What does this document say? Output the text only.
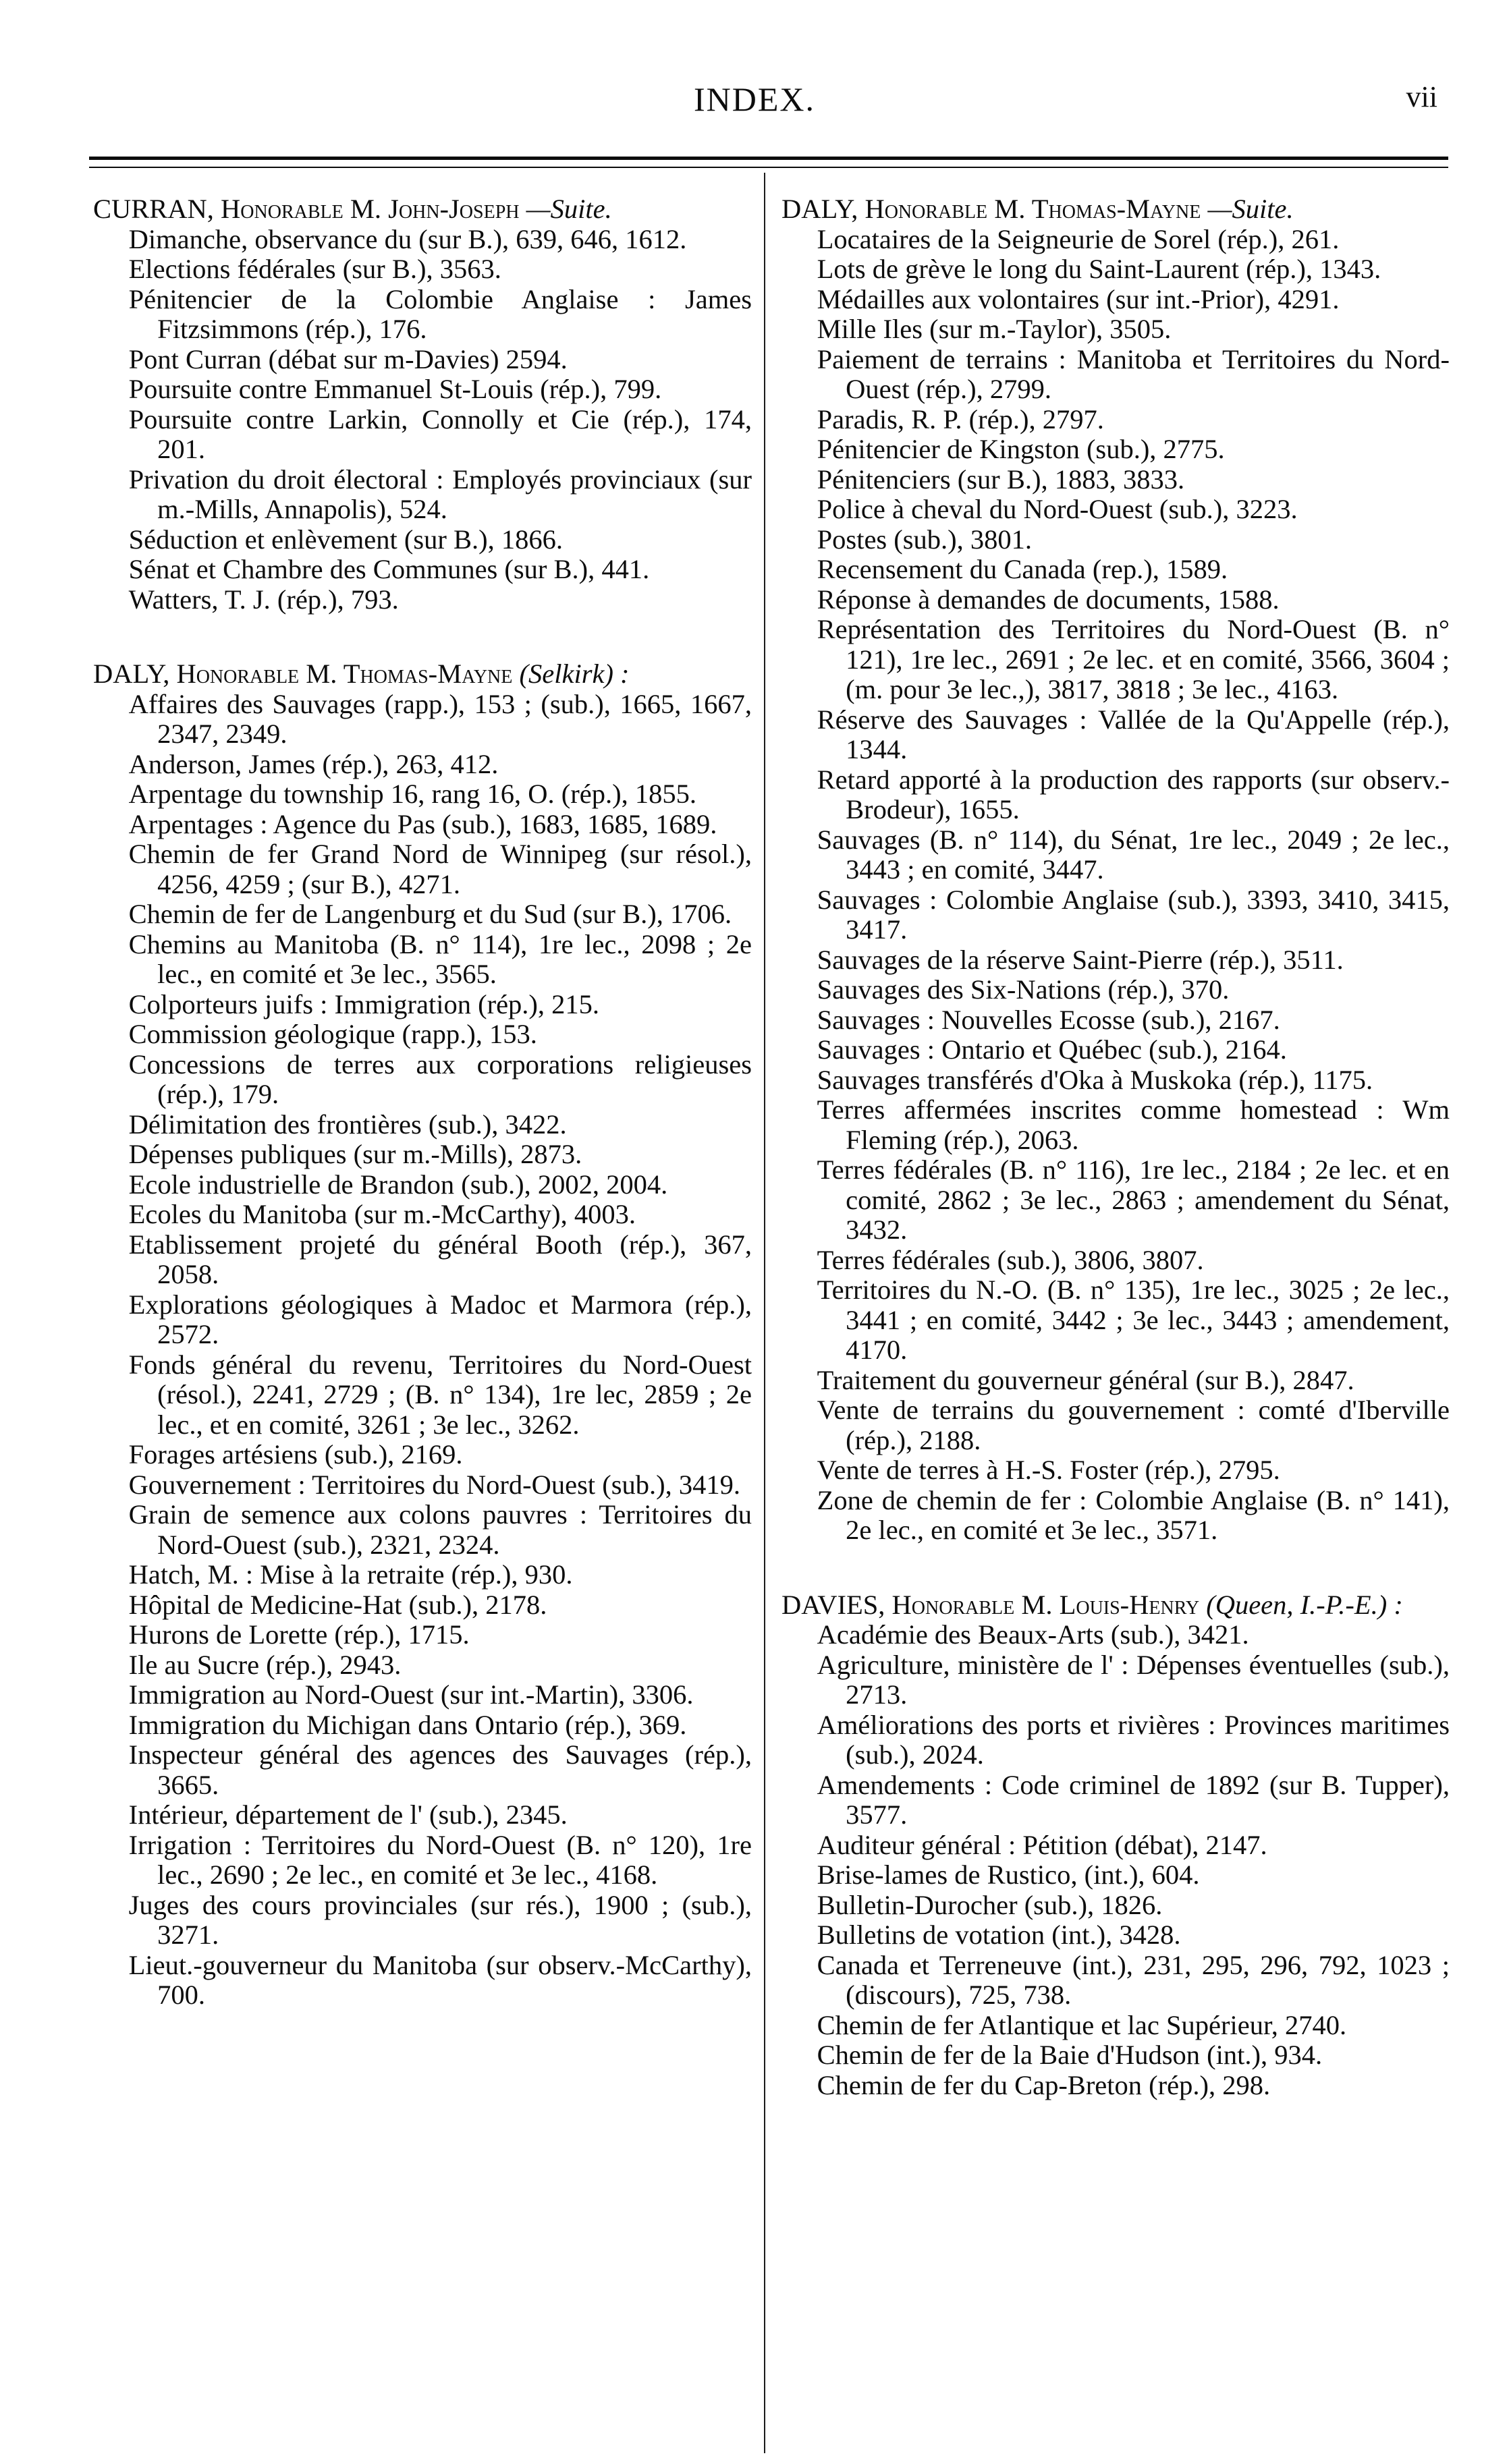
INDEX.	vii
CURRAN, Honorable M. John-Joseph —Suite.
Dimanche, observance du (sur B.), 639, 646, 1612.
Elections fédérales (sur B.), 3563.
Pénitencier de la Colombie Anglaise : James Fitzsimmons (rép.), 176.
Pont Curran (débat sur m-Davies) 2594.
Poursuite contre Emmanuel St-Louis (rép.), 799.
Poursuite contre Larkin, Connolly et Cie (rép.), 174, 201.
Privation du droit électoral : Employés provinciaux (sur m.-Mills, Annapolis), 524.
Séduction et enlèvement (sur B.), 1866.
Sénat et Chambre des Communes (sur B.), 441.
Watters, T. J. (rép.), 793.
DALY, Honorable M. Thomas-Mayne (Selkirk) :
Affaires des Sauvages (rapp.), 153 ; (sub.), 1665, 1667, 2347, 2349.
Anderson, James (rép.), 263, 412.
Arpentage du township 16, rang 16, O. (rép.), 1855.
Arpentages : Agence du Pas (sub.), 1683, 1685, 1689.
Chemin de fer Grand Nord de Winnipeg (sur résol.), 4256, 4259 ; (sur B.), 4271.
Chemin de fer de Langenburg et du Sud (sur B.), 1706.
Chemins au Manitoba (B. n° 114), 1re lec., 2098 ; 2e lec., en comité et 3e lec., 3565.
Colporteurs juifs : Immigration (rép.), 215.
Commission géologique (rapp.), 153.
Concessions de terres aux corporations religieuses (rép.), 179.
Délimitation des frontières (sub.), 3422.
Dépenses publiques (sur m.-Mills), 2873.
Ecole industrielle de Brandon (sub.), 2002, 2004.
Ecoles du Manitoba (sur m.-McCarthy), 4003.
Etablissement projeté du général Booth (rép.), 367, 2058.
Explorations géologiques à Madoc et Marmora (rép.), 2572.
Fonds général du revenu, Territoires du Nord-Ouest (résol.), 2241, 2729 ; (B. n° 134), 1re lec, 2859 ; 2e lec., et en comité, 3261 ; 3e lec., 3262.
Forages artésiens (sub.), 2169.
Gouvernement : Territoires du Nord-Ouest (sub.), 3419.
Grain de semence aux colons pauvres : Territoires du Nord-Ouest (sub.), 2321, 2324.
Hatch, M. : Mise à la retraite (rép.), 930.
Hôpital de Medicine-Hat (sub.), 2178.
Hurons de Lorette (rép.), 1715.
Ile au Sucre (rép.), 2943.
Immigration au Nord-Ouest (sur int.-Martin), 3306.
Immigration du Michigan dans Ontario (rép.), 369.
Inspecteur général des agences des Sauvages (rép.), 3665.
Intérieur, département de l' (sub.), 2345.
Irrigation : Territoires du Nord-Ouest (B. n° 120), 1re lec., 2690 ; 2e lec., en comité et 3e lec., 4168.
Juges des cours provinciales (sur rés.), 1900 ; (sub.), 3271.
Lieut.-gouverneur du Manitoba (sur observ.-McCarthy), 700.
DALY, Honorable M. Thomas-Mayne —Suite.
Locataires de la Seigneurie de Sorel (rép.), 261.
Lots de grève le long du Saint-Laurent (rép.), 1343.
Médailles aux volontaires (sur int.-Prior), 4291.
Mille Iles (sur m.-Taylor), 3505.
Paiement de terrains : Manitoba et Territoires du Nord-Ouest (rép.), 2799.
Paradis, R. P. (rép.), 2797.
Pénitencier de Kingston (sub.), 2775.
Pénitenciers (sur B.), 1883, 3833.
Police à cheval du Nord-Ouest (sub.), 3223.
Postes (sub.), 3801.
Recensement du Canada (rep.), 1589.
Réponse à demandes de documents, 1588.
Représentation des Territoires du Nord-Ouest (B. n° 121), 1re lec., 2691 ; 2e lec. et en comité, 3566, 3604 ; (m. pour 3e lec.,), 3817, 3818 ; 3e lec., 4163.
Réserve des Sauvages : Vallée de la Qu'Appelle (rép.), 1344.
Retard apporté à la production des rapports (sur observ.-Brodeur), 1655.
Sauvages (B. n° 114), du Sénat, 1re lec., 2049 ; 2e lec., 3443 ; en comité, 3447.
Sauvages : Colombie Anglaise (sub.), 3393, 3410, 3415, 3417.
Sauvages de la réserve Saint-Pierre (rép.), 3511.
Sauvages des Six-Nations (rép.), 370.
Sauvages : Nouvelles Ecosse (sub.), 2167.
Sauvages : Ontario et Québec (sub.), 2164.
Sauvages transférés d'Oka à Muskoka (rép.), 1175.
Terres affermées inscrites comme homestead : Wm Fleming (rép.), 2063.
Terres fédérales (B. n° 116), 1re lec., 2184 ; 2e lec. et en comité, 2862 ; 3e lec., 2863 ; amendement du Sénat, 3432.
Terres fédérales (sub.), 3806, 3807.
Territoires du N.-O. (B. n° 135), 1re lec., 3025 ; 2e lec., 3441 ; en comité, 3442 ; 3e lec., 3443 ; amendement, 4170.
Traitement du gouverneur général (sur B.), 2847.
Vente de terrains du gouvernement : comté d'Iberville (rép.), 2188.
Vente de terres à H.-S. Foster (rép.), 2795.
Zone de chemin de fer : Colombie Anglaise (B. n° 141), 2e lec., en comité et 3e lec., 3571.
DAVIES, Honorable M. Louis-Henry (Queen, I.-P.-E.) :
Académie des Beaux-Arts (sub.), 3421.
Agriculture, ministère de l' : Dépenses éventuelles (sub.), 2713.
Améliorations des ports et rivières : Provinces maritimes (sub.), 2024.
Amendements : Code criminel de 1892 (sur B. Tupper), 3577.
Auditeur général : Pétition (débat), 2147.
Brise-lames de Rustico, (int.), 604.
Bulletin-Durocher (sub.), 1826.
Bulletins de votation (int.), 3428.
Canada et Terreneuve (int.), 231, 295, 296, 792, 1023 ; (discours), 725, 738.
Chemin de fer Atlantique et lac Supérieur, 2740.
Chemin de fer de la Baie d'Hudson (int.), 934.
Chemin de fer du Cap-Breton (rép.), 298.
